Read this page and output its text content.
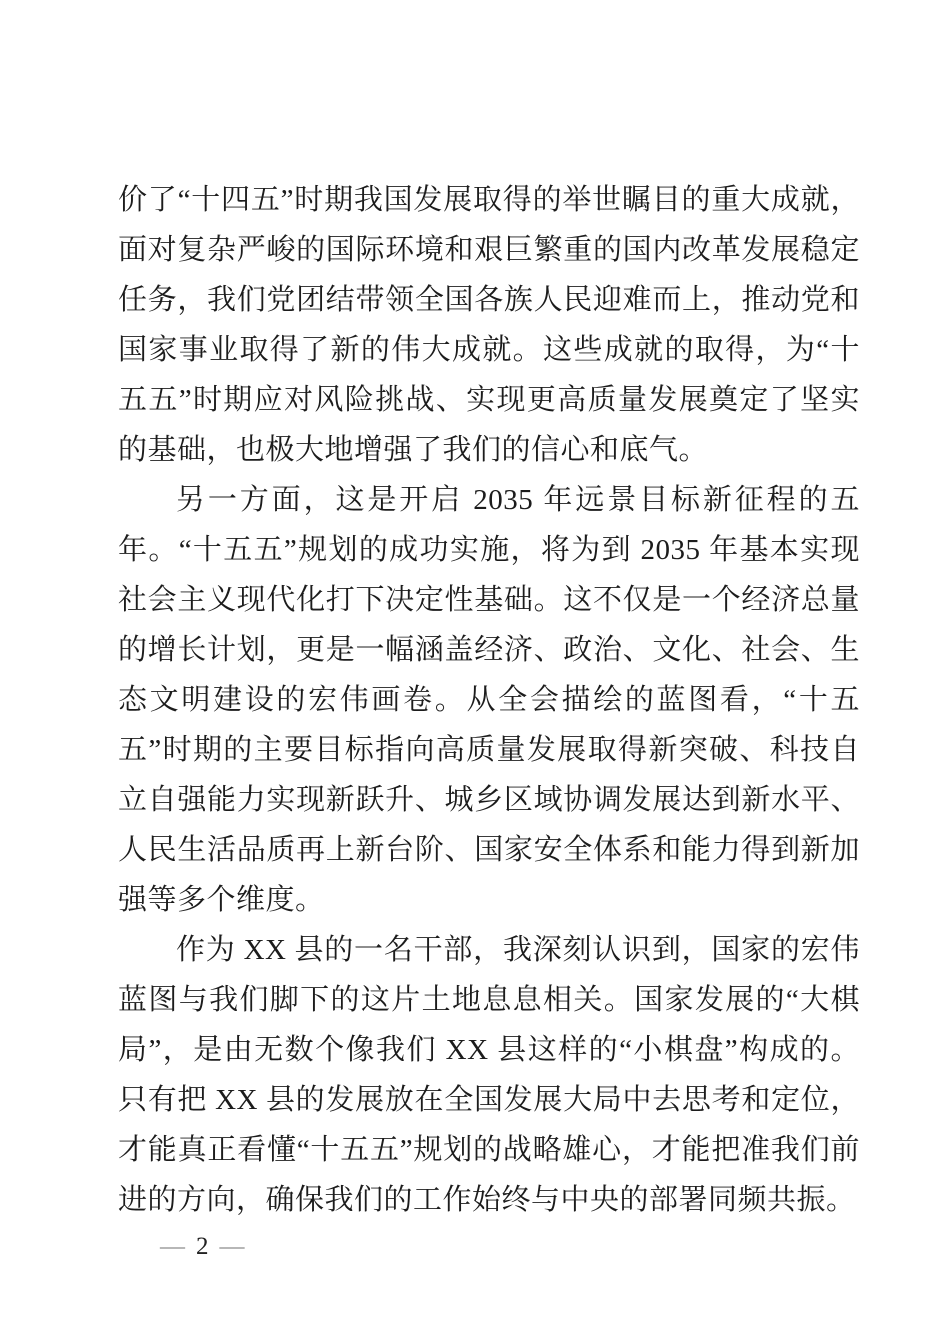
价了“十四五”时期我国发展取得的举世瞩目的重大成就，面对复杂严峻的国际环境和艰巨繁重的国内改革发展稳定任务，我们党团结带领全国各族人民迎难而上，推动党和国家事业取得了新的伟大成就。这些成就的取得，为“十五五”时期应对风险挑战、实现更高质量发展奠定了坚实的基础，也极大地增强了我们的信心和底气。

另一方面，这是开启 2035 年远景目标新征程的五年。“十五五”规划的成功实施，将为到 2035 年基本实现社会主义现代化打下决定性基础。这不仅是一个经济总量的增长计划，更是一幅涵盖经济、政治、文化、社会、生态文明建设的宏伟画卷。从全会描绘的蓝图看，“十五五”时期的主要目标指向高质量发展取得新突破、科技自立自强能力实现新跃升、城乡区域协调发展达到新水平、人民生活品质再上新台阶、国家安全体系和能力得到新加强等多个维度。

作为 XX 县的一名干部，我深刻认识到，国家的宏伟蓝图与我们脚下的这片土地息息相关。国家发展的“大棋局”，是由无数个像我们 XX 县这样的“小棋盘”构成的。只有把 XX 县的发展放在全国发展大局中去思考和定位，才能真正看懂“十五五”规划的战略雄心，才能把准我们前进的方向，确保我们的工作始终与中央的部署同频共振。

— 2 —
